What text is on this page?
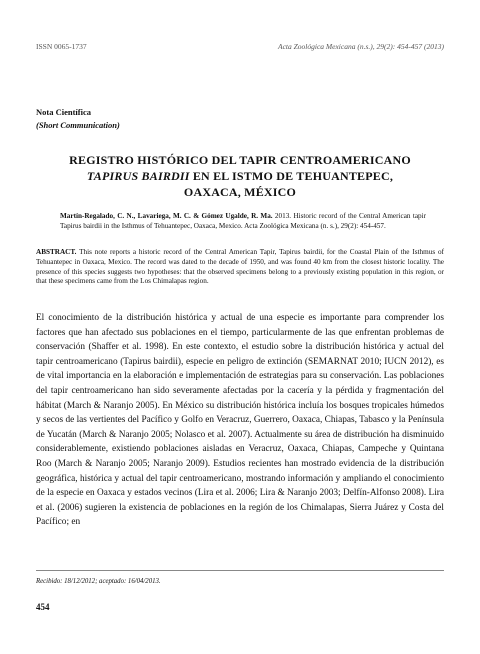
ISSN 0065-1737	Acta Zoológica Mexicana (n.s.), 29(2): 454-457 (2013)
Nota Científica
(Short Communication)
REGISTRO HISTÓRICO DEL TAPIR CENTROAMERICANO
TAPIRUS BAIRDII EN EL ISTMO DE TEHUANTEPEC,
OAXACA, MÉXICO
Martín-Regalado, C. N., Lavariega, M. C. & Gómez Ugalde, R. Ma. 2013. Historic record of the Central American tapir Tapirus bairdii in the Isthmus of Tehuantepec, Oaxaca, Mexico. Acta Zoológica Mexicana (n. s.), 29(2): 454-457.
ABSTRACT. This note reports a historic record of the Central American Tapir, Tapirus bairdii, for the Coastal Plain of the Isthmus of Tehuantepec in Oaxaca, Mexico. The record was dated to the decade of 1950, and was found 40 km from the closest historic locality. The presence of this species suggests two hypotheses: that the observed specimens belong to a previously existing population in this region, or that these specimens came from the Los Chimalapas region.
El conocimiento de la distribución histórica y actual de una especie es importante para comprender los factores que han afectado sus poblaciones en el tiempo, particularmente de las que enfrentan problemas de conservación (Shaffer et al. 1998). En este contexto, el estudio sobre la distribución histórica y actual del tapir centroamericano (Tapirus bairdii), especie en peligro de extinción (SEMARNAT 2010; IUCN 2012), es de vital importancia en la elaboración e implementación de estrategias para su conservación. Las poblaciones del tapir centroamericano han sido severamente afectadas por la cacería y la pérdida y fragmentación del hábitat (March & Naranjo 2005). En México su distribución histórica incluía los bosques tropicales húmedos y secos de las vertientes del Pacífico y Golfo en Veracruz, Guerrero, Oaxaca, Chiapas, Tabasco y la Península de Yucatán (March & Naranjo 2005; Nolasco et al. 2007). Actualmente su área de distribución ha disminuido considerablemente, existiendo poblaciones aisladas en Veracruz, Oaxaca, Chiapas, Campeche y Quintana Roo (March & Naranjo 2005; Naranjo 2009). Estudios recientes han mostrado evidencia de la distribución geográfica, histórica y actual del tapir centroamericano, mostrando información y ampliando el conocimiento de la especie en Oaxaca y estados vecinos (Lira et al. 2006; Lira & Naranjo 2003; Delfín-Alfonso 2008). Lira et al. (2006) sugieren la existencia de poblaciones en la región de los Chimalapas, Sierra Juárez y Costa del Pacífico; en
Recibido: 18/12/2012; aceptado: 16/04/2013.
454
